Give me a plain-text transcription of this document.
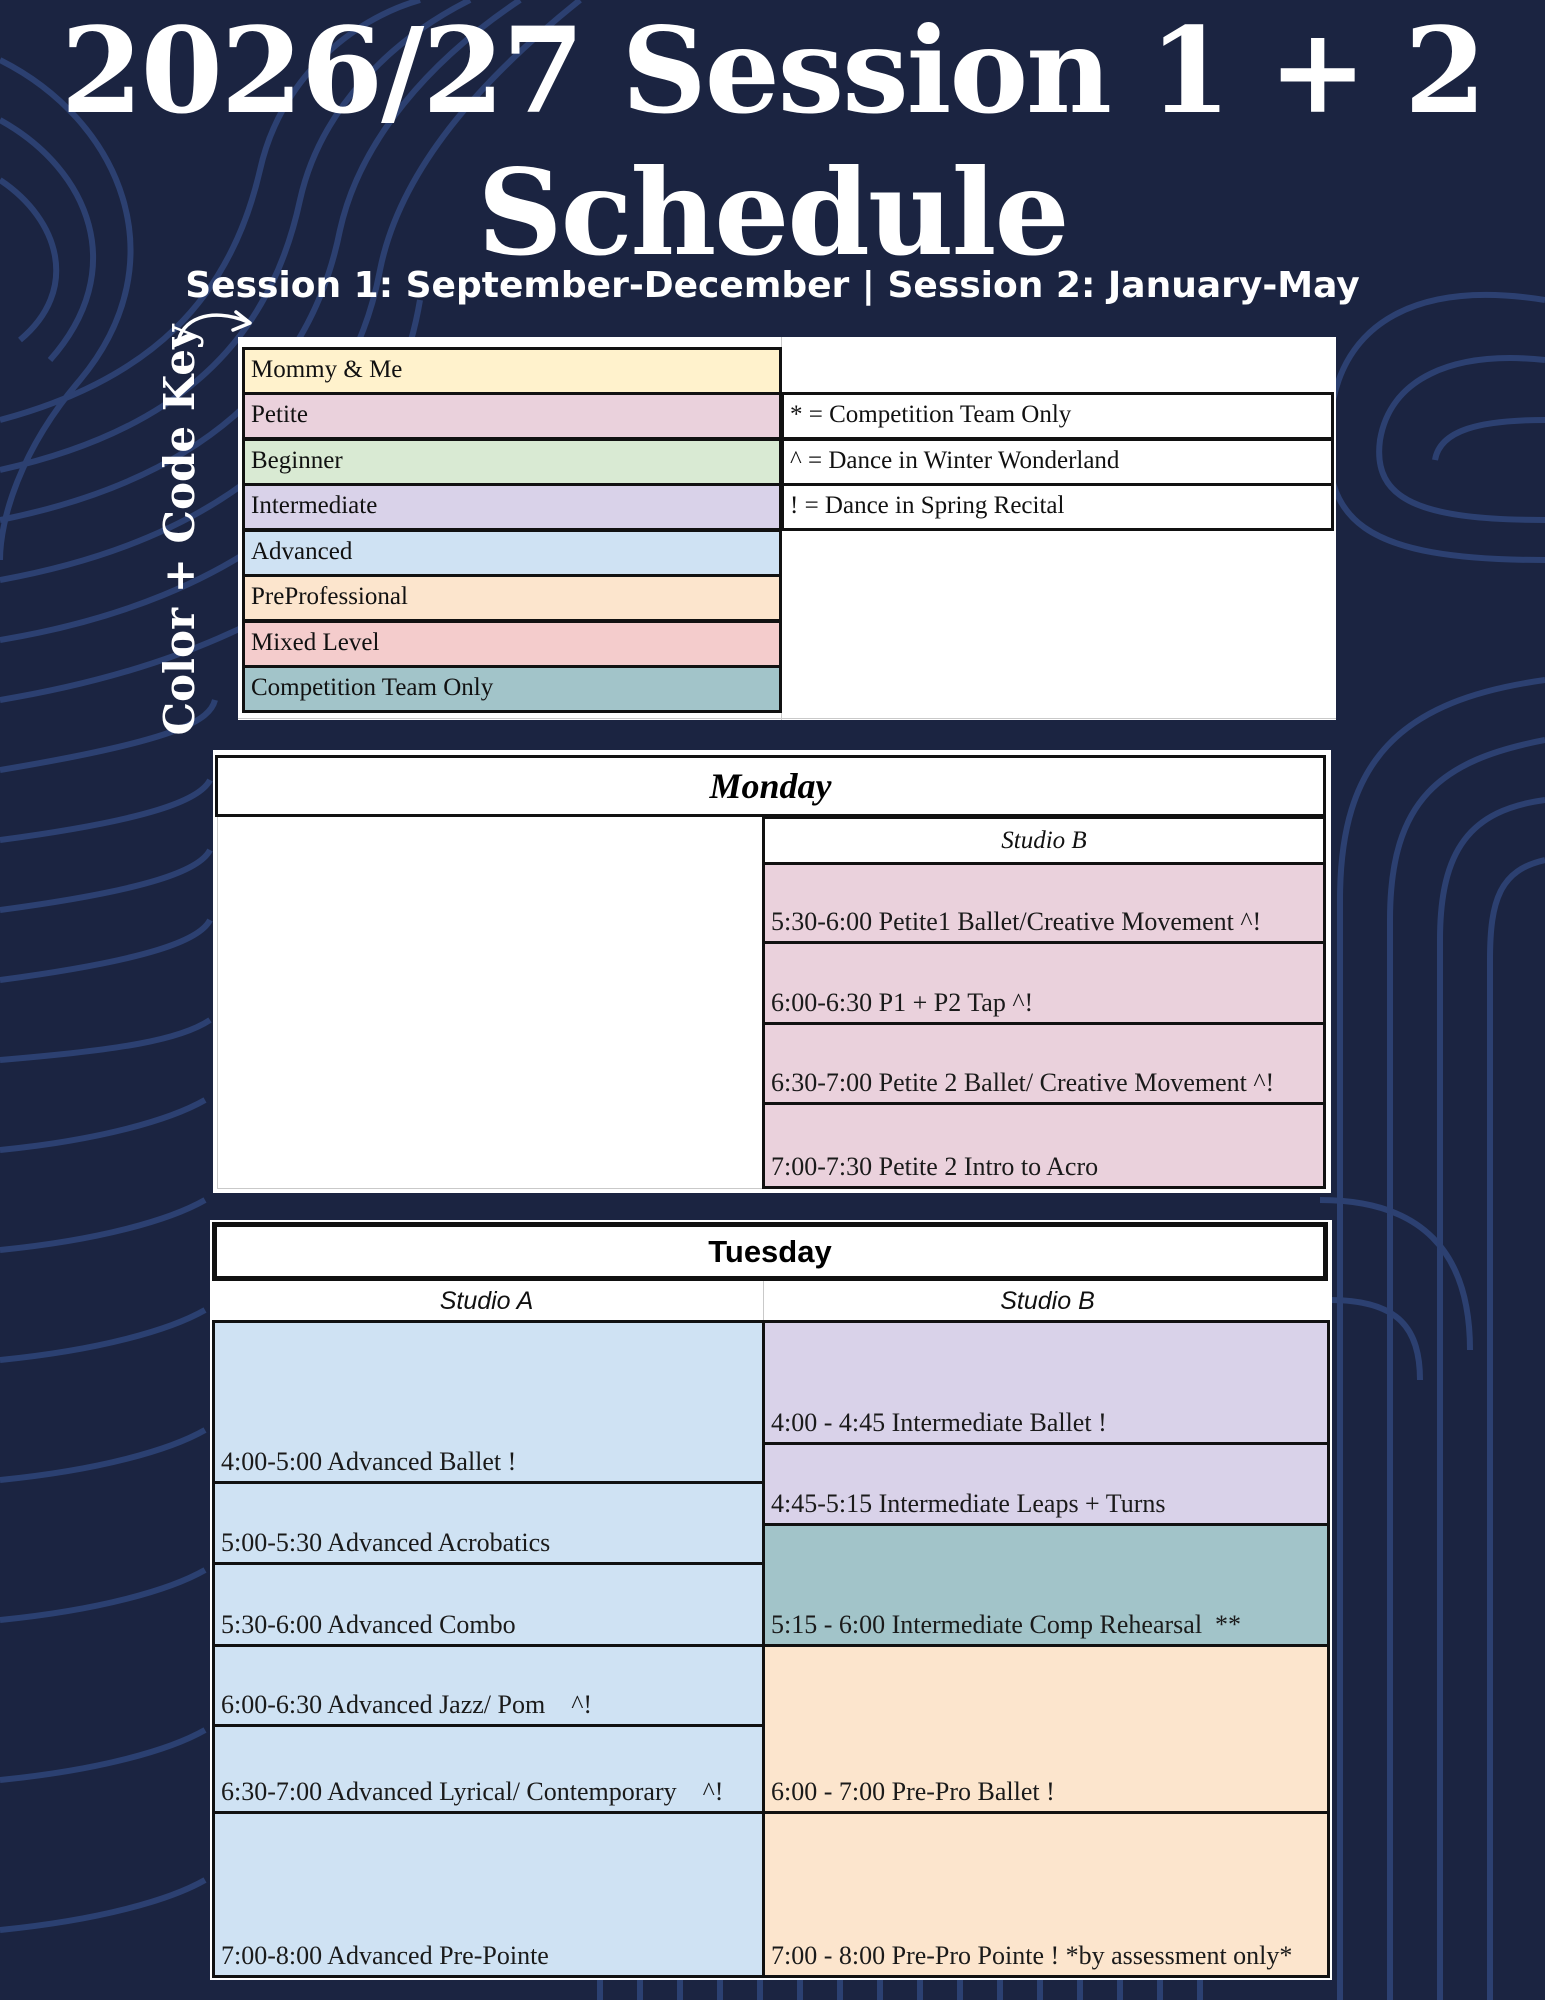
2026/27 Session 1 + 2
Schedule
Session 1: September-December | Session 2: January-May
Color + Code Key	Mommy & Me
Petite
Beginner
Intermediate
Advanced
PreProfessional
Mixed Level
Competition Team Only
* = Competition Team Only
^ = Dance in Winter Wonderland
! = Dance in Spring Recital
Monday
Studio B
5:30-6:00 Petite1 Ballet/Creative Movement ^!
6:00-6:30 P1 + P2 Tap ^!
6:30-7:00 Petite 2 Ballet/ Creative Movement ^!
7:00-7:30 Petite 2 Intro to Acro
Tuesday
Studio A	Studio B
4:00-5:00 Advanced Ballet !
5:00-5:30 Advanced Acrobatics
5:30-6:00 Advanced Combo
6:00-6:30 Advanced Jazz/ Pom    ^!
6:30-7:00 Advanced Lyrical/ Contemporary    ^!
7:00-8:00 Advanced Pre-Pointe
4:00 - 4:45 Intermediate Ballet !
4:45-5:15 Intermediate Leaps + Turns
5:15 - 6:00 Intermediate Comp Rehearsal  **
6:00 - 7:00 Pre-Pro Ballet !
7:00 - 8:00 Pre-Pro Pointe ! *by assessment only*
